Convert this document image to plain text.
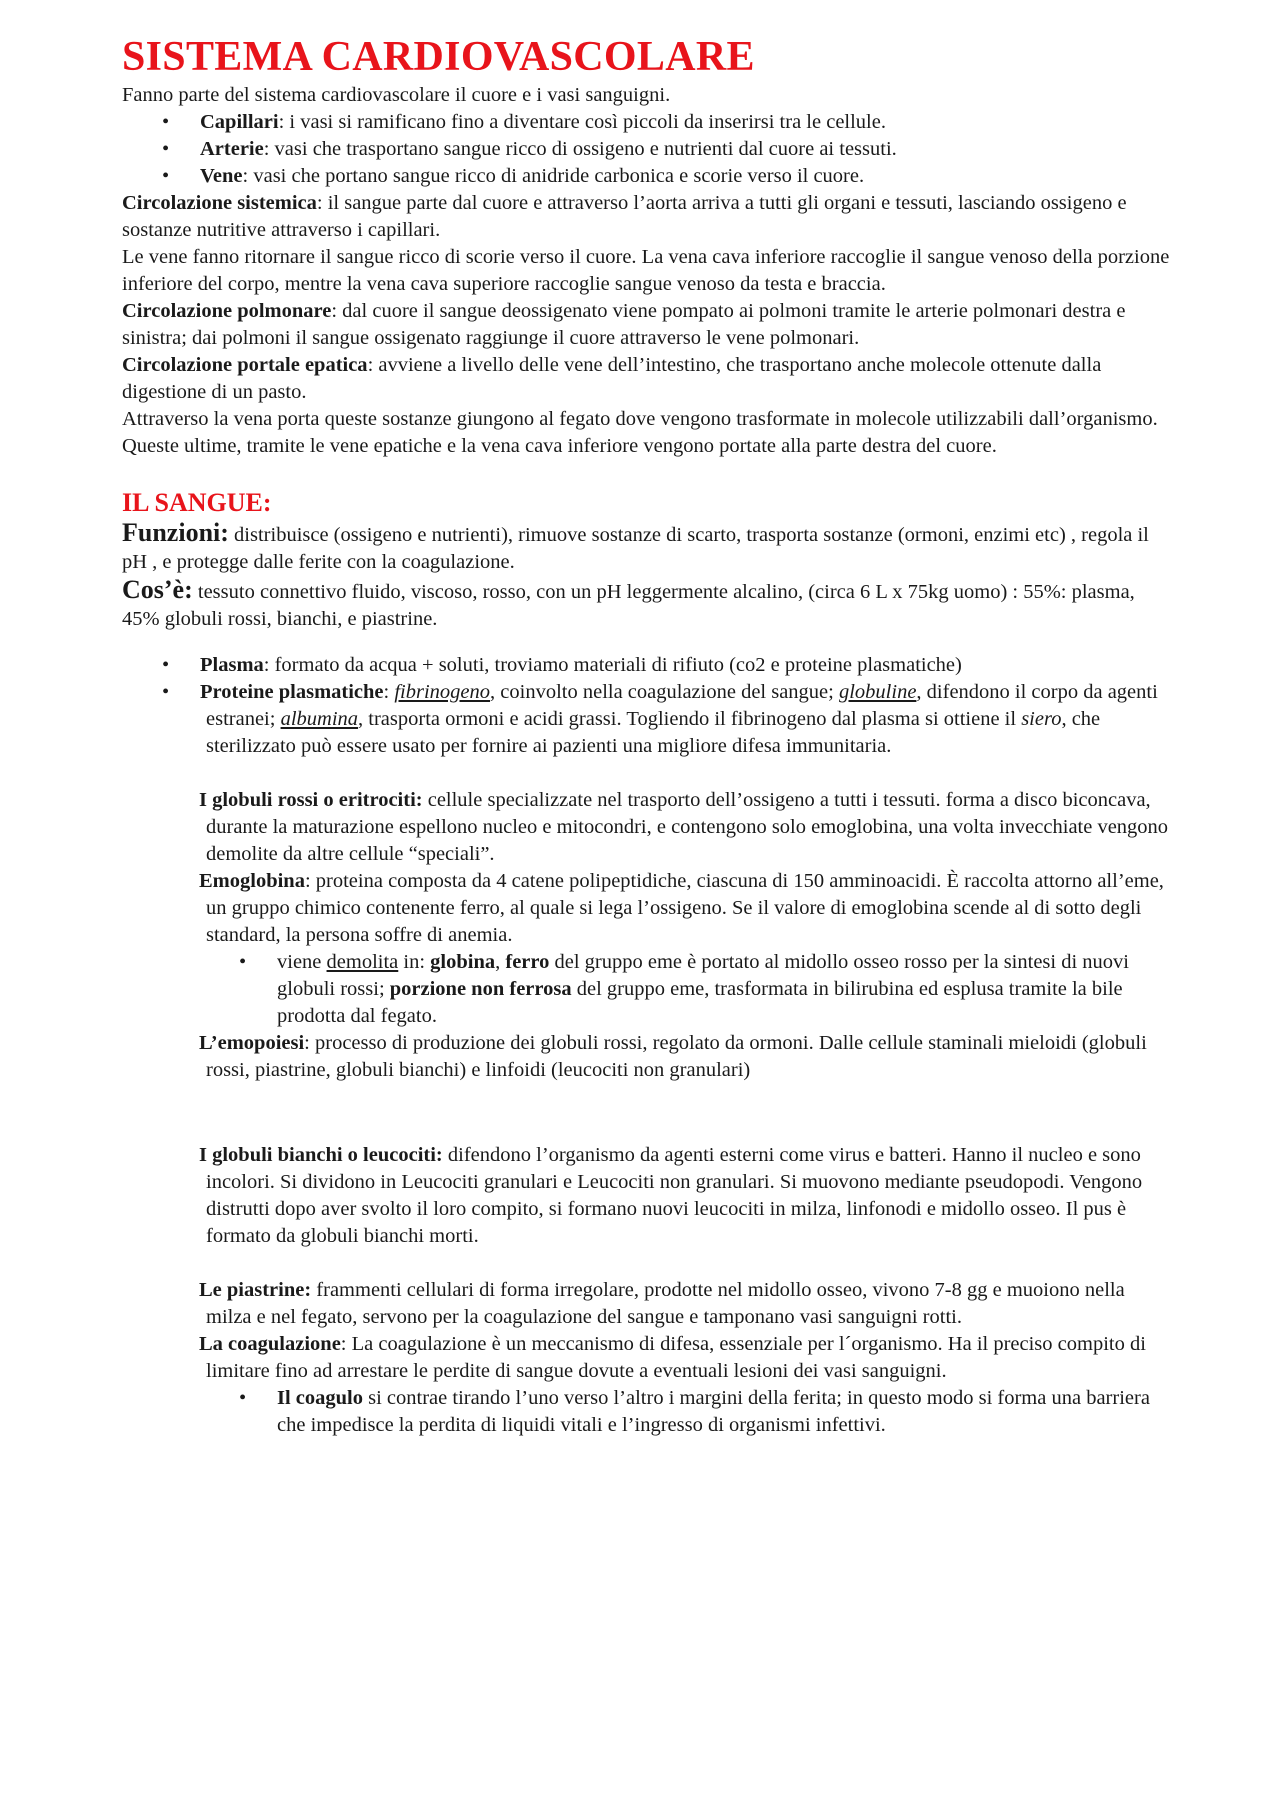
SISTEMA CARDIOVASCOLARE

Fanno parte del sistema cardiovascolare il cuore e i vasi sanguigni.

• Capillari: i vasi si ramificano fino a diventare così piccoli da inserirsi tra le cellule.
• Arterie: vasi che trasportano sangue ricco di ossigeno e nutrienti dal cuore ai tessuti.
• Vene: vasi che portano sangue ricco di anidride carbonica e scorie verso il cuore.

Circolazione sistemica: il sangue parte dal cuore e attraverso l’aorta arriva a tutti gli organi e tessuti, lasciando ossigeno e sostanze nutritive attraverso i capillari.

Le vene fanno ritornare il sangue ricco di scorie verso il cuore. La vena cava inferiore raccoglie il sangue venoso della porzione inferiore del corpo, mentre la vena cava superiore raccoglie sangue venoso da testa e braccia.

Circolazione polmonare: dal cuore il sangue deossigenato viene pompato ai polmoni tramite le arterie polmonari destra e sinistra; dai polmoni il sangue ossigenato raggiunge il cuore attraverso le vene polmonari.

Circolazione portale epatica: avviene a livello delle vene dell’intestino, che trasportano anche molecole ottenute dalla digestione di un pasto.

Attraverso la vena porta queste sostanze giungono al fegato dove vengono trasformate in molecole utilizzabili dall’organismo. Queste ultime, tramite le vene epatiche e la vena cava inferiore vengono portate alla parte destra del cuore.

IL SANGUE:

Funzioni: distribuisce (ossigeno e nutrienti), rimuove sostanze di scarto, trasporta sostanze (ormoni, enzimi etc) , regola il pH , e protegge dalle ferite con la coagulazione.

Cos’è: tessuto connettivo fluido, viscoso, rosso, con un pH leggermente alcalino, (circa 6 L x 75kg uomo) : 55%: plasma, 45% globuli rossi, bianchi, e piastrine.

• Plasma: formato da acqua + soluti, troviamo materiali di rifiuto (co2 e proteine plasmatiche)
• Proteine plasmatiche: fibrinogeno, coinvolto nella coagulazione del sangue; globuline, difendono il corpo da agenti estranei; albumina, trasporta ormoni e acidi grassi. Togliendo il fibrinogeno dal plasma si ottiene il siero, che sterilizzato può essere usato per fornire ai pazienti una migliore difesa immunitaria.

I globuli rossi o eritrociti: cellule specializzate nel trasporto dell’ossigeno a tutti i tessuti. forma a disco biconcava, durante la maturazione espellono nucleo e mitocondri, e contengono solo emoglobina, una volta invecchiate vengono demolite da altre cellule “speciali”.

Emoglobina: proteina composta da 4 catene polipeptidiche, ciascuna di 150 amminoacidi. È raccolta attorno all’eme, un gruppo chimico contenente ferro, al quale si lega l’ossigeno. Se il valore di emoglobina scende al di sotto degli standard, la persona soffre di anemia.

• viene demolita in: globina, ferro del gruppo eme è portato al midollo osseo rosso per la sintesi di nuovi globuli rossi; porzione non ferrosa del gruppo eme, trasformata in bilirubina ed esplusa tramite la bile prodotta dal fegato.

L’emopoiesi: processo di produzione dei globuli rossi, regolato da ormoni. Dalle cellule staminali mieloidi (globuli rossi, piastrine, globuli bianchi) e linfoidi (leucociti non granulari)

I globuli bianchi o leucociti: difendono l’organismo da agenti esterni come virus e batteri. Hanno il nucleo e sono incolori. Si dividono in Leucociti granulari e Leucociti non granulari. Si muovono mediante pseudopodi. Vengono distrutti dopo aver svolto il loro compito, si formano nuovi leucociti in milza, linfonodi e midollo osseo. Il pus è formato da globuli bianchi morti.

Le piastrine: frammenti cellulari di forma irregolare, prodotte nel midollo osseo, vivono 7-8 gg e muoiono nella milza e nel fegato, servono per la coagulazione del sangue e tamponano vasi sanguigni rotti.

La coagulazione: La coagulazione è un meccanismo di difesa, essenziale per l´organismo. Ha il preciso compito di limitare fino ad arrestare le perdite di sangue dovute a eventuali lesioni dei vasi sanguigni.

• Il coagulo si contrae tirando l’uno verso l’altro i margini della ferita; in questo modo si forma una barriera che impedisce la perdita di liquidi vitali e l’ingresso di organismi infettivi.
